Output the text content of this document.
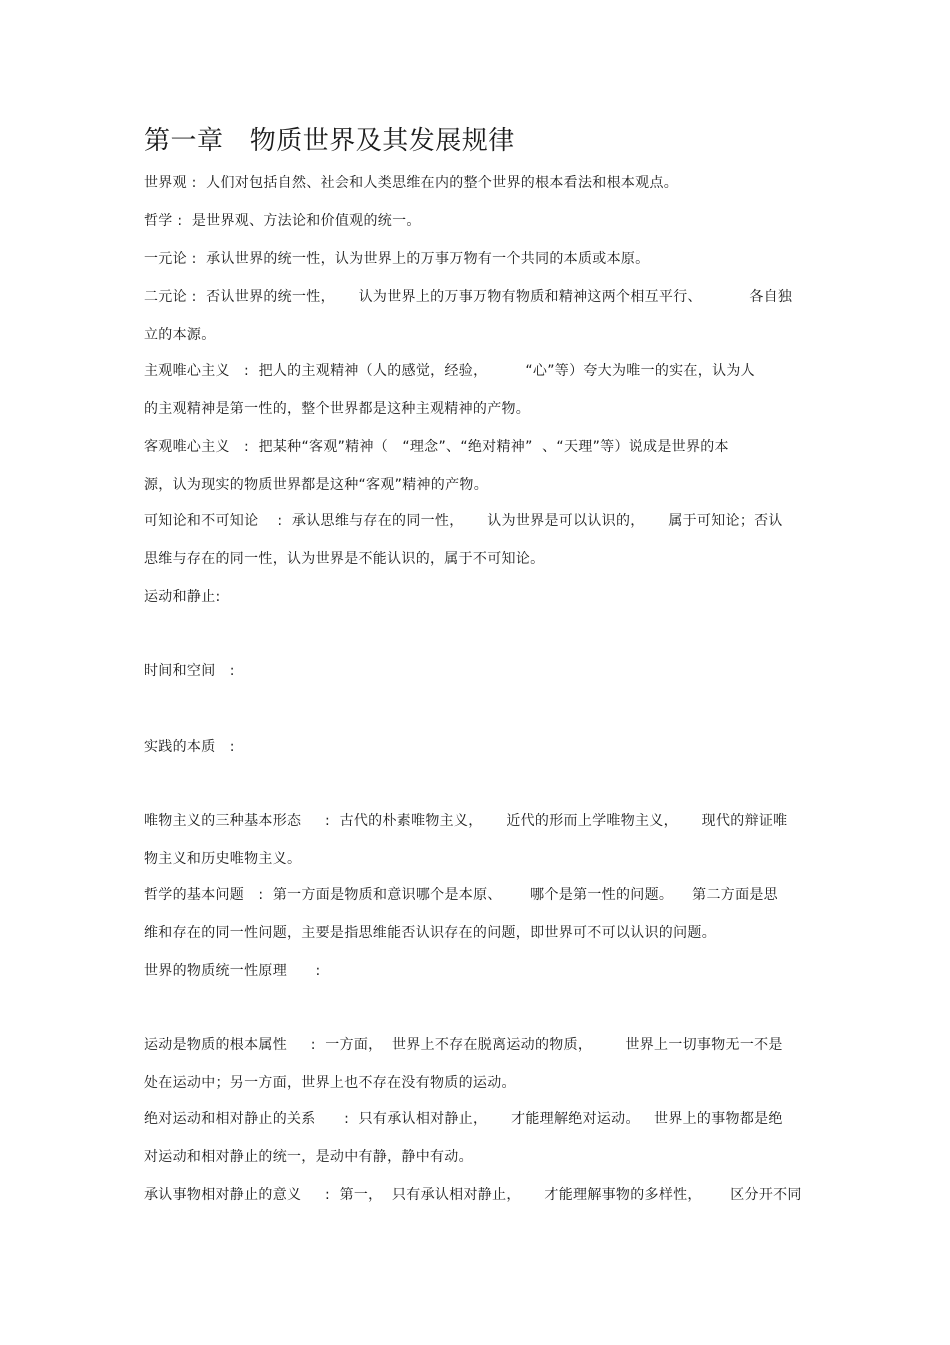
第一章   物质世界及其发展规律
世界观 :  人们对包括自然、社会和人类思维在内的整个世界的根本看法和根本观点。
哲学 :  是世界观、方法论和价值观的统一。
一元论 :  承认世界的统一性，认为世界上的万事万物有一个共同的本质或本原。
二元论 :  否认世界的统一性，     认为世界上的万事万物有物质和精神这两个相互平行、          各自独
立的本源。
主观唯心主义   :  把人的主观精神（人的感觉，经验，        “心”等）夸大为唯一的实在，认为人
的主观精神是第一性的，整个世界都是这种主观精神的产物。
客观唯心主义   :  把某种“客观”精神（   “理念”、“绝对精神”  、“天理”等）说成是世界的本
源，认为现实的物质世界都是这种“客观”精神的产物。
可知论和不可知论    :  承认思维与存在的同一性，     认为世界是可以认识的，     属于可知论；否认
思维与存在的同一性，认为世界是不能认识的，属于不可知论。
运动和静止:
时间和空间   :
实践的本质   :
唯物主义的三种基本形态     :  古代的朴素唯物主义，     近代的形而上学唯物主义，     现代的辩证唯
物主义和历史唯物主义。
哲学的基本问题   :  第一方面是物质和意识哪个是本原、      哪个是第一性的问题。    第二方面是思
维和存在的同一性问题，主要是指思维能否认识存在的问题，即世界可不可以认识的问题。
世界的物质统一性原理      :
运动是物质的根本属性     :  一方面，  世界上不存在脱离运动的物质，       世界上一切事物无一不是
处在运动中；另一方面，世界上也不存在没有物质的运动。
绝对运动和相对静止的关系      :  只有承认相对静止，     才能理解绝对运动。   世界上的事物都是绝
对运动和相对静止的统一，是动中有静，静中有动。
承认事物相对静止的意义     :  第一，  只有承认相对静止，     才能理解事物的多样性，      区分开不同
